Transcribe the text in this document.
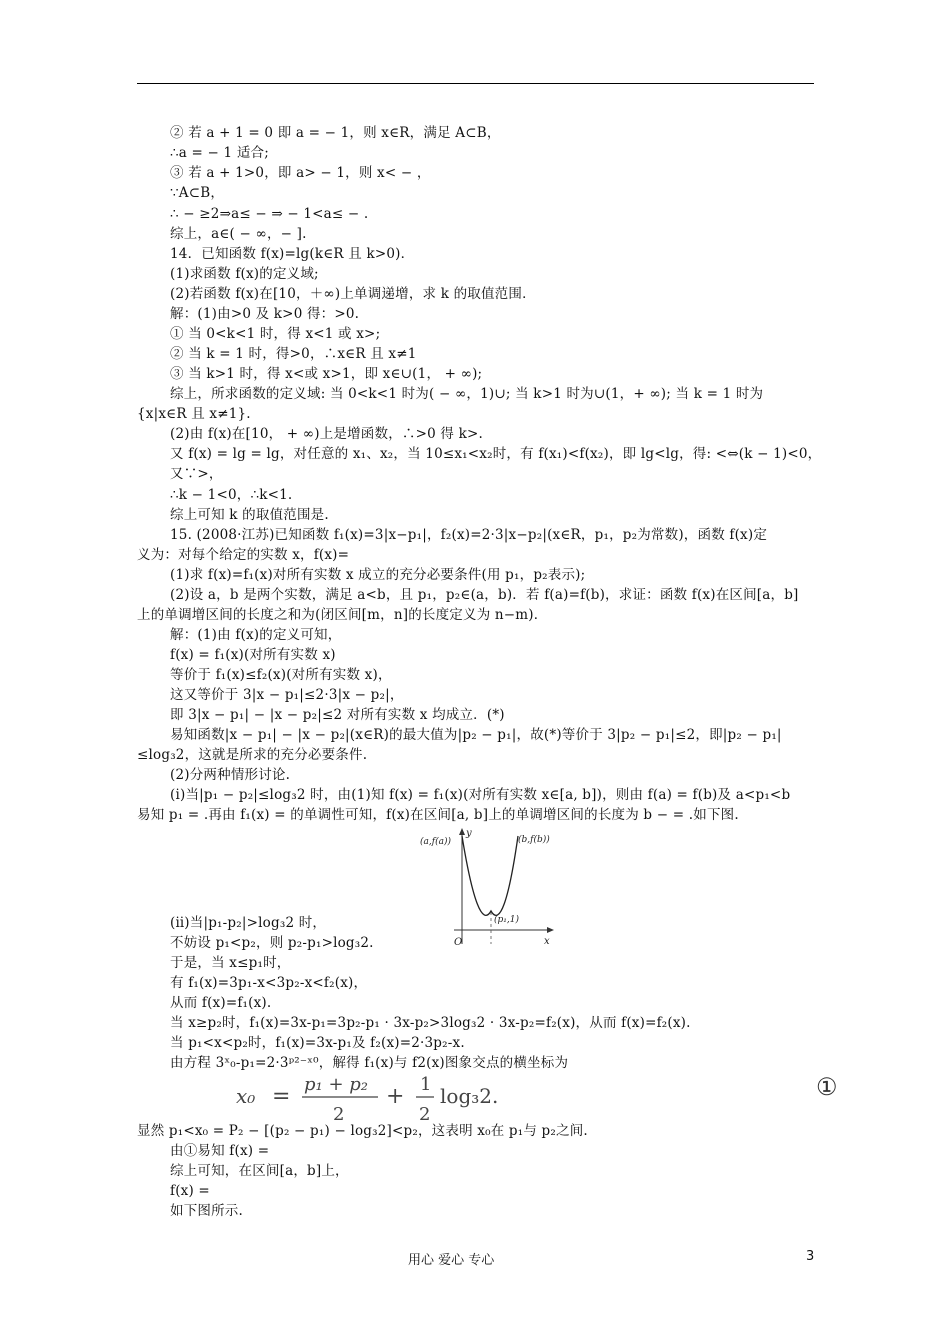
② 若 a + 1 = 0 即 a = − 1，则 x∈R，满足 A⊂B，
∴a = − 1 适合;
③ 若 a + 1>0，即 a> − 1，则 x< − ，
∵A⊂B，
∴ − ≥2⇒a≤ − ⇒ − 1<a≤ − .
综上，a∈( − ∞，− ].
14．已知函数 f(x)=lg(k∈R 且 k>0)．
(1)求函数 f(x)的定义域;
(2)若函数 f(x)在[10，＋∞)上单调递增，求 k 的取值范围．
解：(1)由>0 及 k>0 得：>0.
① 当 0<k<1 时，得 x<1 或 x>;
② 当 k = 1 时，得>0，∴x∈R 且 x≠1
③ 当 k>1 时，得 x<或 x>1，即 x∈∪(1， + ∞);
综上，所求函数的定义域: 当 0<k<1 时为( − ∞，1)∪; 当 k>1 时为∪(1，+ ∞); 当 k = 1 时为
{x|x∈R 且 x≠1}.
(2)由 f(x)在[10， + ∞)上是增函数，∴>0 得 k>.
又 f(x) = lg = lg，对任意的 x₁、x₂，当 10≤x₁<x₂时，有 f(x₁)<f(x₂)，即 lg<lg，得: <⇔(k − 1)<0，
又∵>，
∴k − 1<0，∴k<1.
综上可知 k 的取值范围是.
15. (2008·江苏)已知函数 f₁(x)=3|x−p₁|，f₂(x)=2·3|x−p₂|(x∈R，p₁，p₂为常数)，函数 f(x)定
义为：对每个给定的实数 x，f(x)=
(1)求 f(x)=f₁(x)对所有实数 x 成立的充分必要条件(用 p₁，p₂表示);
(2)设 a，b 是两个实数，满足 a<b，且 p₁，p₂∈(a，b)．若 f(a)=f(b)，求证：函数 f(x)在区间[a，b]
上的单调增区间的长度之和为(闭区间[m，n]的长度定义为 n−m)．
解：(1)由 f(x)的定义可知，
f(x) = f₁(x)(对所有实数 x)
等价于 f₁(x)≤f₂(x)(对所有实数 x)，
这又等价于 3|x − p₁|≤2·3|x − p₂|，
即 3|x − p₁| − |x − p₂|≤2 对所有实数 x 均成立．(*)
易知函数|x − p₁| − |x − p₂|(x∈R)的最大值为|p₂ − p₁|，故(*)等价于 3|p₂ − p₁|≤2，即|p₂ − p₁|
≤log₃2，这就是所求的充分必要条件.
(2)分两种情形讨论.
(ⅰ)当|p₁ − p₂|≤log₃2 时，由(1)知 f(x) = f₁(x)(对所有实数 x∈[a, b])，则由 f(a) = f(b)及 a<p₁<b
易知 p₁ = .再由 f₁(x) = 的单调性可知，f(x)在区间[a, b]上的单调增区间的长度为 b − = .如下图.
(a,f(a))	(b,f(b))
(p₁,1)
y
x
O
(ⅱ)当|p₁-p₂|>log₃2 时，
不妨设 p₁<p₂，则 p₂-p₁>log₃2.
于是，当 x≤p₁时，
有 f₁(x)=3p₁-x<3p₂-x<f₂(x)，
从而 f(x)=f₁(x).
当 x≥p₂时，f₁(x)=3x-p₁=3p₂-p₁ · 3x-p₂>3log₃2 · 3x-p₂=f₂(x)，从而 f(x)=f₂(x).
当 p₁<x<p₂时，f₁(x)=3x-p₁及 f₂(x)=2·3p₂-x.
由方程 3ˣ₀-p₁=2·3ᵖ²⁻ˣ⁰，解得 f₁(x)与 f2(x)图象交点的横坐标为
x₀ = p₁ + p₂
2
+ 1
2
log₃2.	①
显然 p₁<x₀ = P₂ − [(p₂ − p₁) − log₃2]<p₂，这表明 x₀在 p₁与 p₂之间.
由①易知 f(x) =
综上可知，在区间[a，b]上，
f(x) =
如下图所示.
用心 爱心 专心	3
